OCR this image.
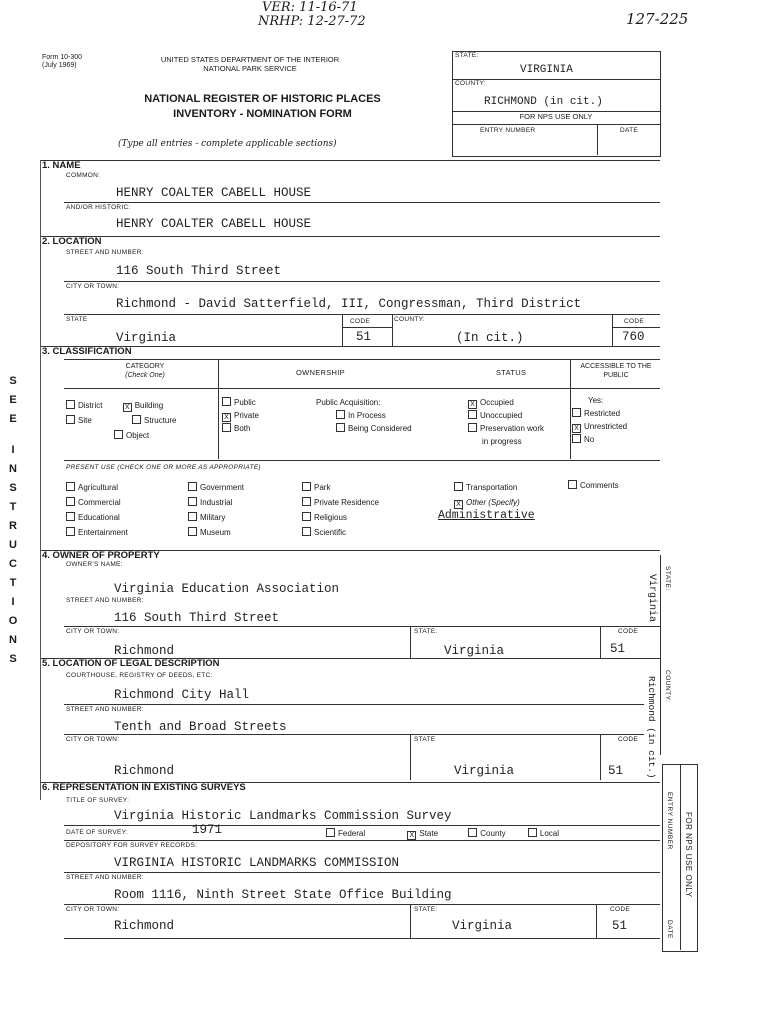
VER: 11-16-71
NRHP: 12-27-72	127-225
Form 10-300
(July 1969)
UNITED STATES DEPARTMENT OF THE INTERIOR
NATIONAL PARK SERVICE
NATIONAL REGISTER OF HISTORIC PLACES
INVENTORY - NOMINATION FORM
(Type all entries - complete applicable sections)
STATE:
VIRGINIA
COUNTY:
RICHMOND (in cit.)
FOR NPS USE ONLY
ENTRY NUMBER	DATE
S
E
E
I
N
S
T
R
U
C
T
I
O
N
S
1. NAME
COMMON:
HENRY COALTER CABELL HOUSE
AND/OR HISTORIC:
HENRY COALTER CABELL HOUSE
2. LOCATION
STREET AND NUMBER:
116 South Third Street
CITY OR TOWN:
Richmond - David Satterfield, III, Congressman, Third District
STATE
Virginia
CODE
51
COUNTY:
(In cit.)
CODE
760
3. CLASSIFICATION
CATEGORY
(Check One)	OWNERSHIP	STATUS
ACCESSIBLE TO THE PUBLIC
District	X Building
Site	Structure
Object
Public
X Private
Both
Public Acquisition:
In Process
Being Considered
X Occupied
Unoccupied
Preservation work
in progress
Yes:
Restricted
X Unrestricted
No
PRESENT USE (CHECK ONE OR MORE AS APPROPRIATE)
Agricultural
Commercial
Educational
Entertainment
Government
Industrial
Military
Museum
Park
Private Residence
Religious
Scientific
Transportation
X Other (Specify)
Administrative
Comments
4. OWNER OF PROPERTY
OWNER'S NAME:
Virginia Education Association
STREET AND NUMBER:
116 South Third Street
CITY OR TOWN:
Richmond
STATE:
Virginia
CODE
51
STATE:
Virginia
5. LOCATION OF LEGAL DESCRIPTION
COURTHOUSE, REGISTRY OF DEEDS, ETC:
Richmond City Hall
STREET AND NUMBER:
Tenth and Broad Streets
CITY OR TOWN:
Richmond
STATE
Virginia
CODE
51
COUNTY:
Richmond (in cit.)
6. REPRESENTATION IN EXISTING SURVEYS
TITLE OF SURVEY:
Virginia Historic Landmarks Commission Survey
DATE OF SURVEY:	1971	Federal	X State	County	Local
DEPOSITORY FOR SURVEY RECORDS:
VIRGINIA HISTORIC LANDMARKS COMMISSION
STREET AND NUMBER:
Room 1116, Ninth Street State Office Building
CITY OR TOWN:
Richmond
STATE:
Virginia
CODE
51
FOR NPS USE ONLY
ENTRY NUMBER
DATE
